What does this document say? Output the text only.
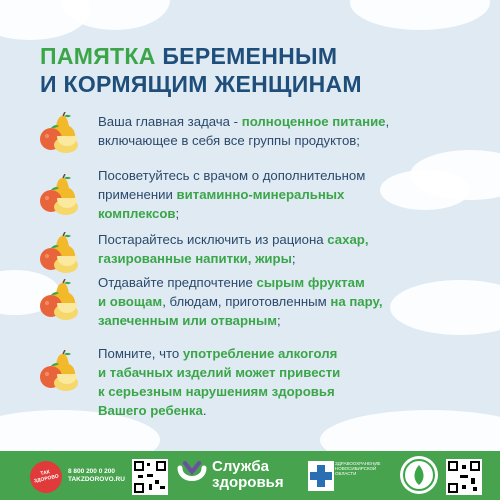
ПАМЯТКА БЕРЕМЕННЫМ
И КОРМЯЩИМ ЖЕНЩИНАМ
ТАК ЗДОРОВО
8 800 200 0 200
TAKZDOROVO.RU
Служба
здоровья
ЗДРАВООХРАНЕНИЕ НОВОСИБИРСКОЙ ОБЛАСТИ
Ваша главная задача - полноценное питание,
включающее в себя все группы продуктов;
Посоветуйтесь с врачом о дополнительном
применении витаминно-минеральных
комплексов;
Постарайтесь исключить из рациона сахар,
газированные напитки, жиры;
Отдавайте предпочтение сырым фруктам
и овощам, блюдам, приготовленным на пару,
запеченным или отварным;
Помните, что употребление алкоголя
и табачных изделий может привести
к серьезным нарушениям здоровья
Вашего ребенка.
